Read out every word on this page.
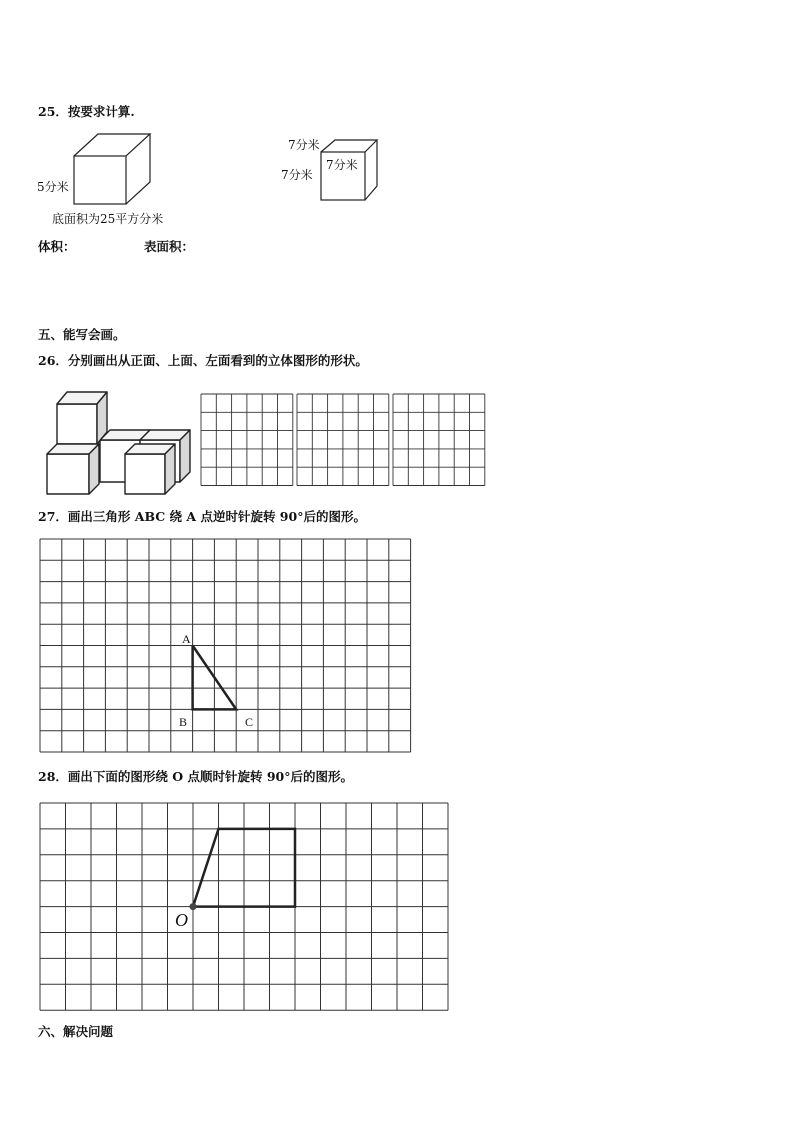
25．按要求计算.
5分米
底面积为25平方分米
7分米
7分米
7分米
体积：	表面积：
五、能写会画。
26．分别画出从正面、上面、左面看到的立体图形的形状。
27．画出三角形 ABC 绕 A 点逆时针旋转 90°后的图形。
A
B	C
28．画出下面的图形绕 O 点顺时针旋转 90°后的图形。
O
六、解决问题
